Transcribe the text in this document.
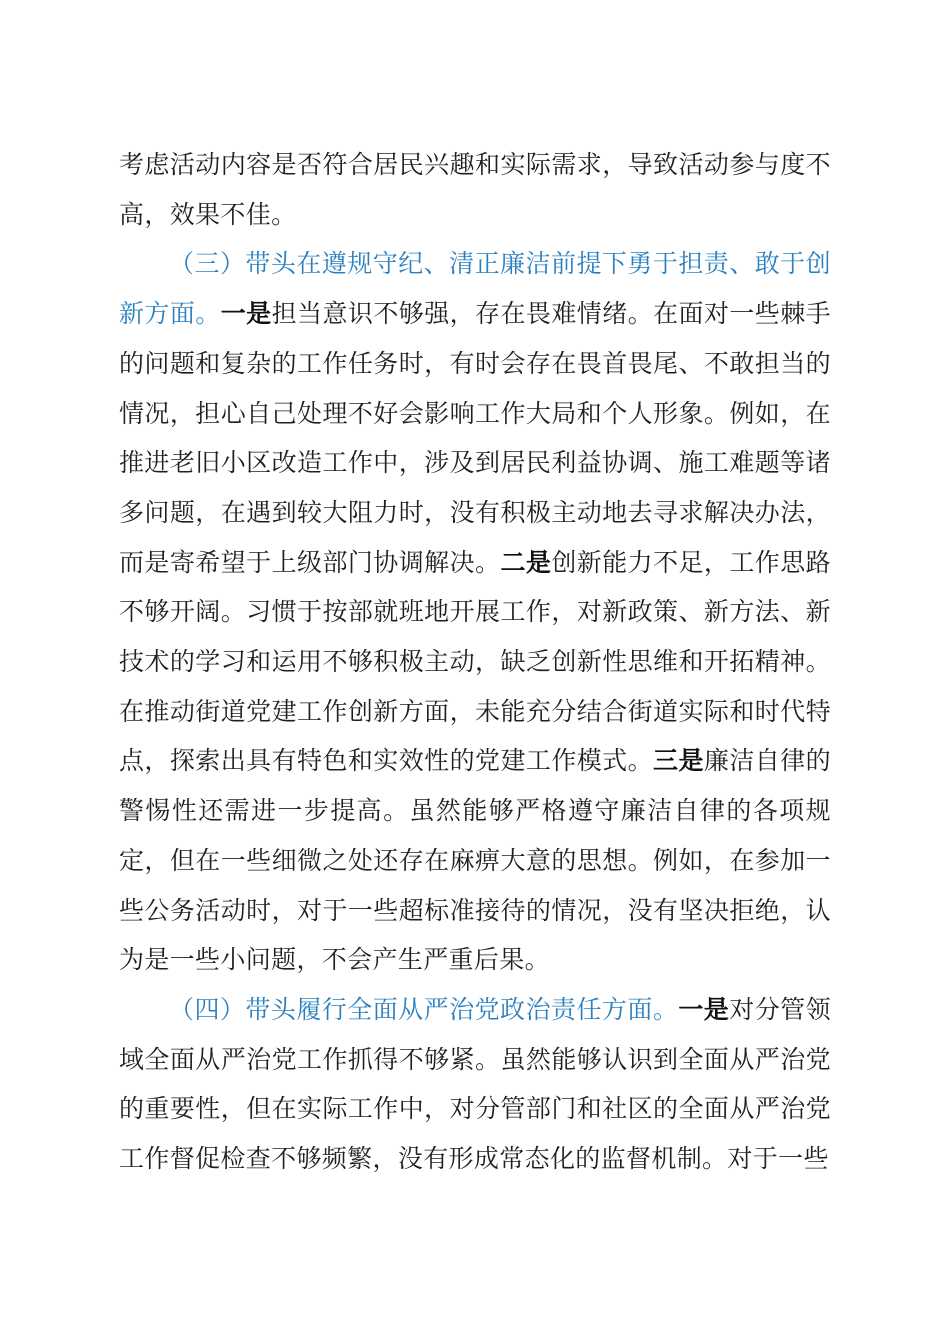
考虑活动内容是否符合居民兴趣和实际需求，导致活动参与度不高，效果不佳。

（三）带头在遵规守纪、清正廉洁前提下勇于担责、敢于创新方面。一是担当意识不够强，存在畏难情绪。在面对一些棘手的问题和复杂的工作任务时，有时会存在畏首畏尾、不敢担当的情况，担心自己处理不好会影响工作大局和个人形象。例如，在推进老旧小区改造工作中，涉及到居民利益协调、施工难题等诸多问题，在遇到较大阻力时，没有积极主动地去寻求解决办法，而是寄希望于上级部门协调解决。二是创新能力不足，工作思路不够开阔。习惯于按部就班地开展工作，对新政策、新方法、新技术的学习和运用不够积极主动，缺乏创新性思维和开拓精神。在推动街道党建工作创新方面，未能充分结合街道实际和时代特点，探索出具有特色和实效性的党建工作模式。三是廉洁自律的警惕性还需进一步提高。虽然能够严格遵守廉洁自律的各项规定，但在一些细微之处还存在麻痹大意的思想。例如，在参加一些公务活动时，对于一些超标准接待的情况，没有坚决拒绝，认为是一些小问题，不会产生严重后果。

（四）带头履行全面从严治党政治责任方面。一是对分管领域全面从严治党工作抓得不够紧。虽然能够认识到全面从严治党的重要性，但在实际工作中，对分管部门和社区的全面从严治党工作督促检查不够频繁，没有形成常态化的监督机制。对于一些
